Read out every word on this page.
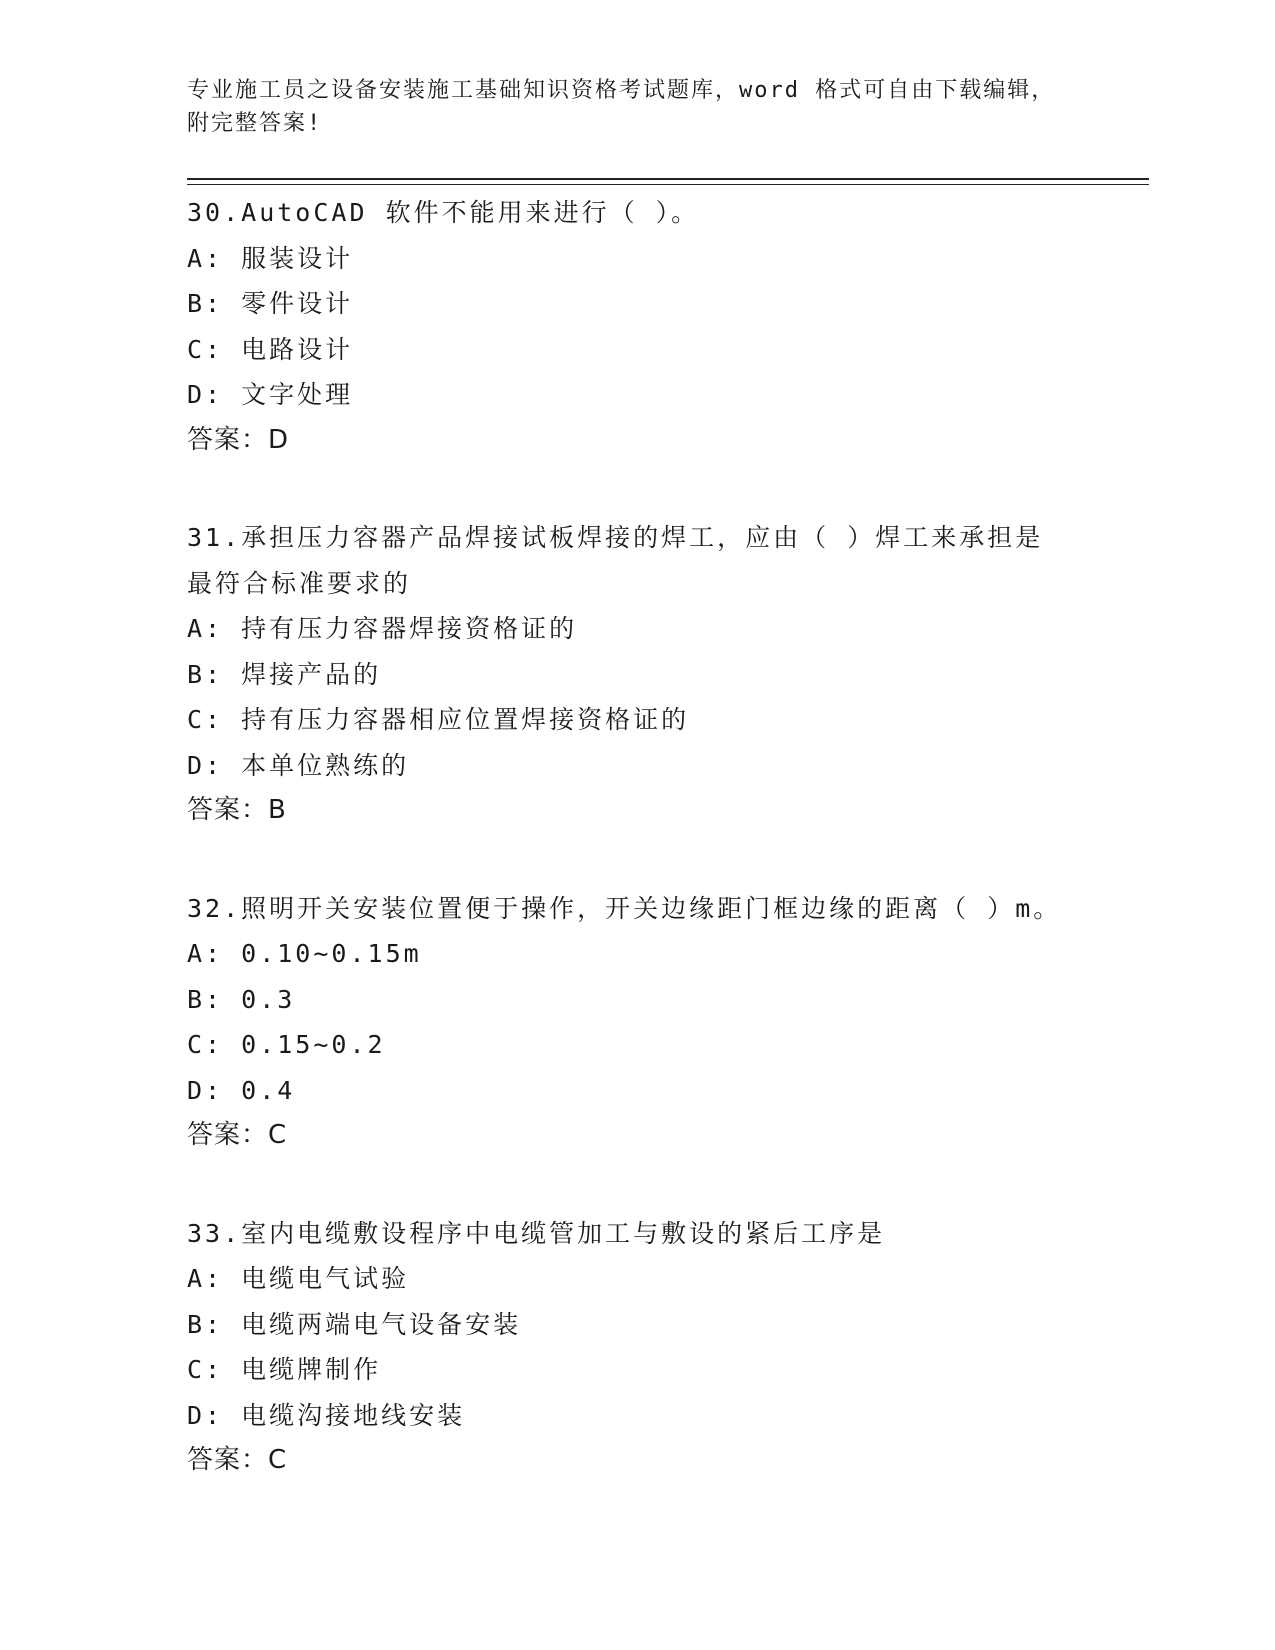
专业施工员之设备安装施工基础知识资格考试题库，word 格式可自由下载编辑，
附完整答案!
30.AutoCAD 软件不能用来进行（ ）。
A: 服装设计
B: 零件设计
C: 电路设计
D: 文字处理
答案：D
31.承担压力容器产品焊接试板焊接的焊工，应由（ ）焊工来承担是最符合标准要求的
A: 持有压力容器焊接资格证的
B: 焊接产品的
C: 持有压力容器相应位置焊接资格证的
D: 本单位熟练的
答案：B
32.照明开关安装位置便于操作，开关边缘距门框边缘的距离（ ）m。
A: 0.10~0.15m
B: 0.3
C: 0.15~0.2
D: 0.4
答案：C
33.室内电缆敷设程序中电缆管加工与敷设的紧后工序是
A: 电缆电气试验
B: 电缆两端电气设备安装
C: 电缆牌制作
D: 电缆沟接地线安装
答案：C
